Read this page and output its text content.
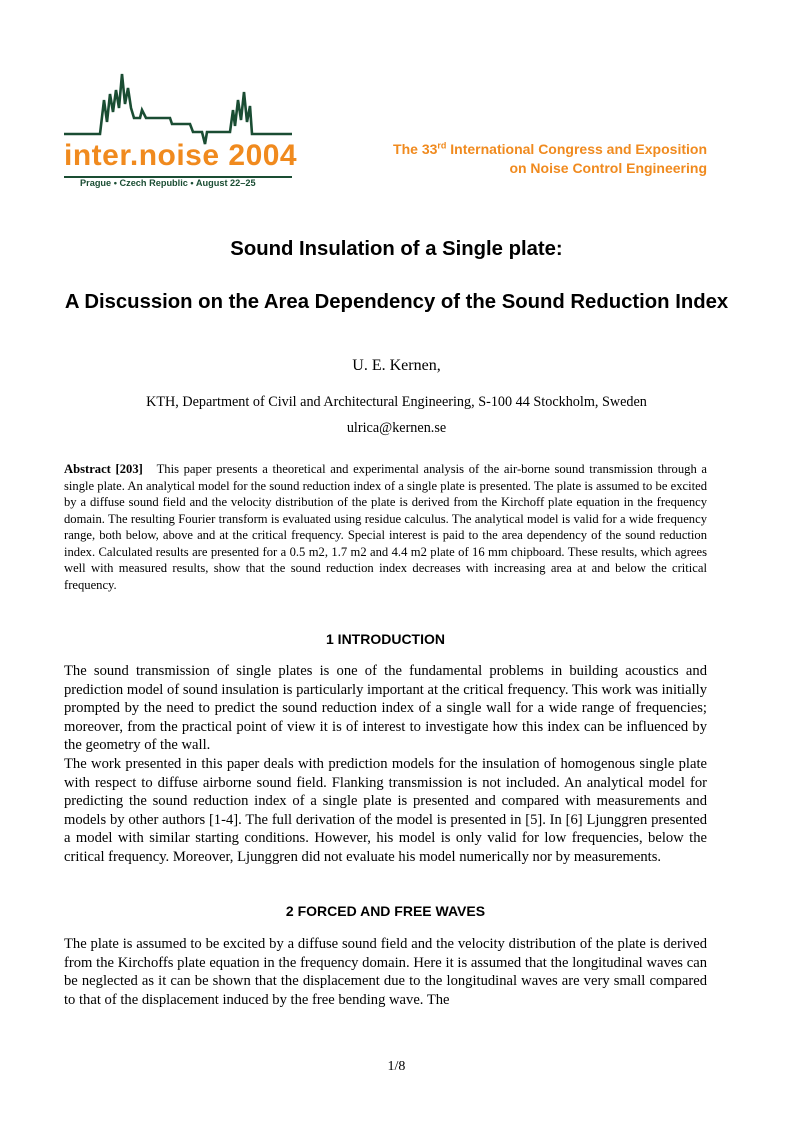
inter.noise 2004
Prague • Czech Republic • August 22–25
The 33rd International Congress and Exposition
on Noise Control Engineering
Sound Insulation of a Single plate:
A Discussion on the Area Dependency of the Sound Reduction Index
U. E. Kernen,
KTH, Department of Civil and Architectural Engineering, S-100 44 Stockholm, Sweden
ulrica@kernen.se
Abstract [203] This paper presents a theoretical and experimental analysis of the air-borne sound transmission through a single plate. An analytical model for the sound reduction index of a single plate is presented. The plate is assumed to be excited by a diffuse sound field and the velocity distribution of the plate is derived from the Kirchoff plate equation in the frequency domain. The resulting Fourier transform is evaluated using residue calculus. The analytical model is valid for a wide frequency range, both below, above and at the critical frequency. Special interest is paid to the area dependency of the sound reduction index. Calculated results are presented for a 0.5 m2, 1.7 m2 and 4.4 m2 plate of 16 mm chipboard. These results, which agrees well with measured results, show that the sound reduction index decreases with increasing area at and below the critical frequency.
1 INTRODUCTION

The sound transmission of single plates is one of the fundamental problems in building acoustics and prediction model of sound insulation is particularly important at the critical frequency. This work was initially prompted by the need to predict the sound reduction index of a single wall for a wide range of frequencies; moreover, from the practical point of view it is of interest to investigate how this index can be influenced by the geometry of the wall.

The work presented in this paper deals with prediction models for the insulation of homogenous single plate with respect to diffuse airborne sound field. Flanking transmission is not included. An analytical model for predicting the sound reduction index of a single plate is presented and compared with measurements and models by other authors [1-4]. The full derivation of the model is presented in [5]. In [6] Ljunggren presented a model with similar starting conditions. However, his model is only valid for low frequencies, below the critical frequency. Moreover, Ljunggren did not evaluate his model numerically nor by measurements.

2 FORCED AND FREE WAVES

The plate is assumed to be excited by a diffuse sound field and the velocity distribution of the plate is derived from the Kirchoffs plate equation in the frequency domain. Here it is assumed that the longitudinal waves can be neglected as it can be shown that the displacement due to the longitudinal waves are very small compared to that of the displacement induced by the free bending wave. The

1/8
